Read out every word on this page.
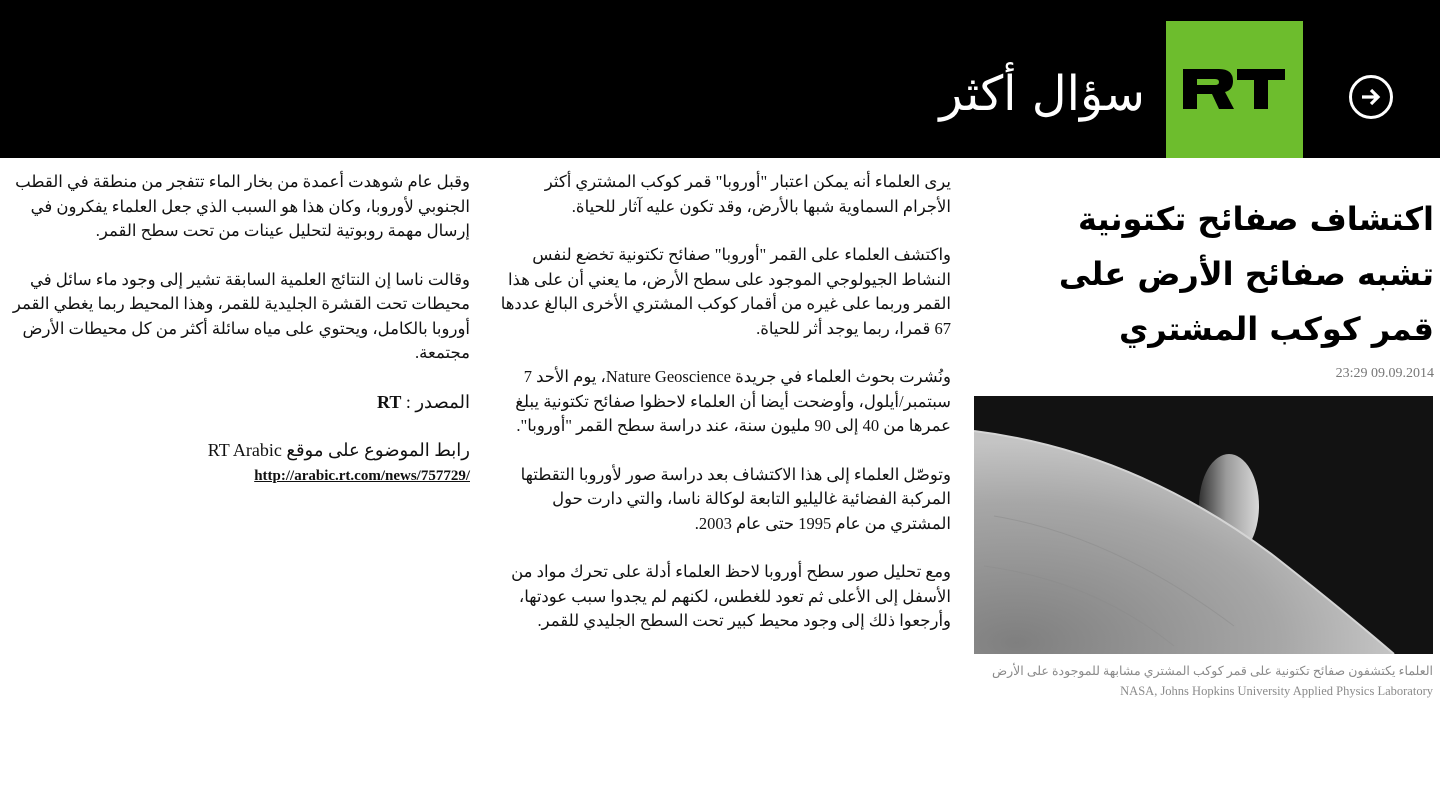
سؤال أكثر
اكتشاف صفائح تكتونية تشبه صفائح الأرض على قمر كوكب المشتري
23:29 09.09.2014
العلماء يكتشفون صفائح تكتونية على قمر كوكب المشتري مشابهة للموجودة على الأرض
NASA, Johns Hopkins University Applied Physics Laboratory

يرى العلماء أنه يمكن اعتبار "أوروبا" قمر كوكب المشتري أكثر الأجرام السماوية شبها بالأرض، وقد تكون عليه آثار للحياة.

واكتشف العلماء على القمر "أوروبا" صفائح تكتونية تخضع لنفس النشاط الجيولوجي الموجود على سطح الأرض، ما يعني أن على هذا القمر وربما على غيره من أقمار كوكب المشتري الأخرى البالغ عددها 67 قمرا، ربما يوجد أثر للحياة.

ونُشرت بحوث العلماء في جريدة Nature Geoscience، يوم الأحد 7 سبتمبر/أيلول، وأوضحت أيضا أن العلماء لاحظوا صفائح تكتونية يبلغ عمرها من 40 إلى 90 مليون سنة، عند دراسة سطح القمر "أوروبا".

وتوصّل العلماء إلى هذا الاكتشاف بعد دراسة صور لأوروبا التقطتها المركبة الفضائية غاليليو التابعة لوكالة ناسا، والتي دارت حول المشتري من عام 1995 حتى عام 2003.

ومع تحليل صور سطح أوروبا لاحظ العلماء أدلة على تحرك مواد من الأسفل إلى الأعلى ثم تعود للغطس، لكنهم لم يجدوا سبب عودتها، وأرجعوا ذلك إلى وجود محيط كبير تحت السطح الجليدي للقمر.

وقبل عام شوهدت أعمدة من بخار الماء تتفجر من منطقة في القطب الجنوبي لأوروبا، وكان هذا هو السبب الذي جعل العلماء يفكرون في إرسال مهمة روبوتية لتحليل عينات من تحت سطح القمر.

وقالت ناسا إن النتائج العلمية السابقة تشير إلى وجود ماء سائل في محيطات تحت القشرة الجليدية للقمر، وهذا المحيط ربما يغطي القمر أوروبا بالكامل، ويحتوي على مياه سائلة أكثر من كل محيطات الأرض مجتمعة.

المصدر : RT

رابط الموضوع على موقع RT Arabic
http://arabic.rt.com/news/757729/
